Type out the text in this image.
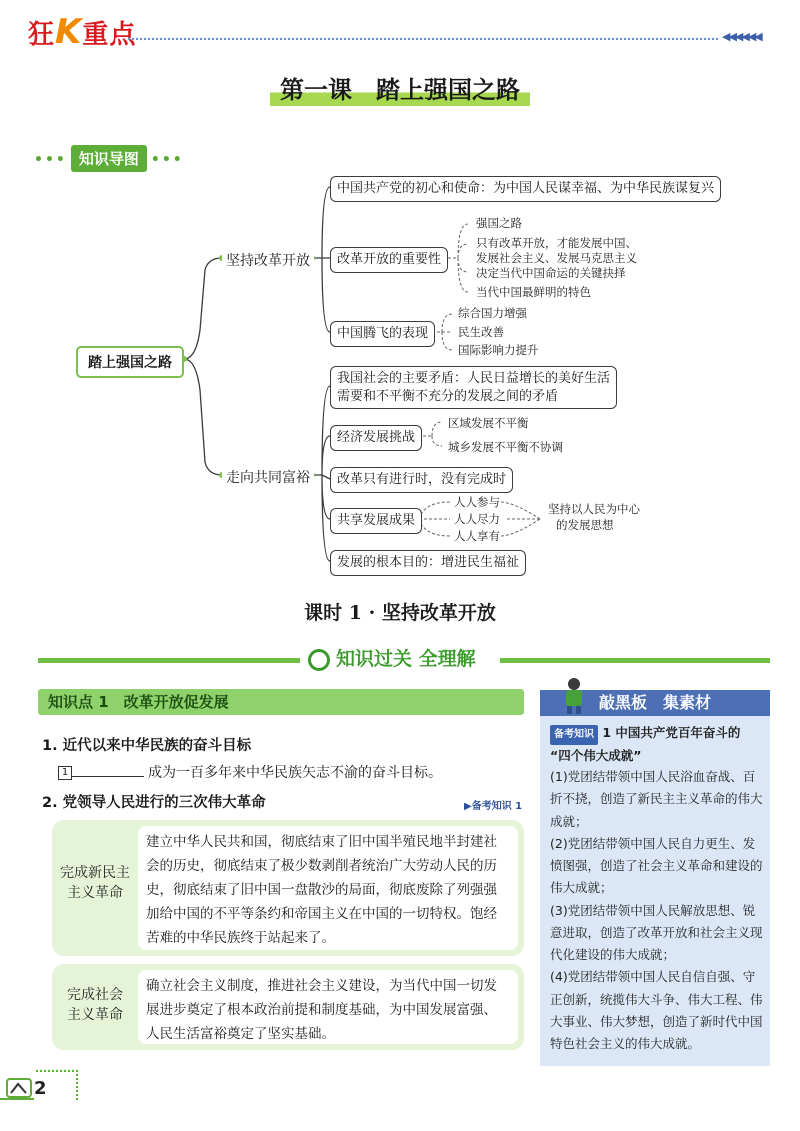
狂K重点	◀◀◀◀◀◀
第一课　踏上强国之路
••• 知识导图 •••
踏上强国之路
坚持改革开放
走向共同富裕
中国共产党的初心和使命：为中国人民谋幸福、为中华民族谋复兴
改革开放的重要性
强国之路
只有改革开放，才能发展中国、
发展社会主义、发展马克思主义
决定当代中国命运的关键抉择
当代中国最鲜明的特色
中国腾飞的表现
综合国力增强
民生改善
国际影响力提升
我国社会的主要矛盾：人民日益增长的美好生活
需要和不平衡不充分的发展之间的矛盾
经济发展挑战
区域发展不平衡
城乡发展不平衡不协调
改革只有进行时，没有完成时
共享发展成果
人人参与
人人尽力
人人享有
坚持以人民为中心
的发展思想
发展的根本目的：增进民生福祉
课时 1 · 坚持改革开放
知识过关 全理解
知识点 1　改革开放促发展
1. 近代以来中华民族的奋斗目标
1	成为一百多年来中华民族矢志不渝的奋斗目标。
2. 党领导人民进行的三次伟大革命	▶备考知识 1
完成新民主
主义革命
建立中华人民共和国，彻底结束了旧中国半殖民地半封建社会的历史，彻底结束了极少数剥削者统治广大劳动人民的历史，彻底结束了旧中国一盘散沙的局面，彻底废除了列强强加给中国的不平等条约和帝国主义在中国的一切特权。饱经苦难的中华民族终于站起来了。
完成社会
主义革命
确立社会主义制度，推进社会主义建设，为当代中国一切发展进步奠定了根本政治前提和制度基础，为中国发展富强、人民生活富裕奠定了坚实基础。
敲黑板　集素材
备考知识 1 中国共产党百年奋斗的
“四个伟大成就”
(1)党团结带领中国人民浴血奋战、百折不挠，创造了新民主主义革命的伟大成就；
(2)党团结带领中国人民自力更生、发愤图强，创造了社会主义革命和建设的伟大成就；
(3)党团结带领中国人民解放思想、锐意进取，创造了改革开放和社会主义现代化建设的伟大成就；
(4)党团结带领中国人民自信自强、守正创新，统揽伟大斗争、伟大工程、伟大事业、伟大梦想，创造了新时代中国特色社会主义的伟大成就。
2
